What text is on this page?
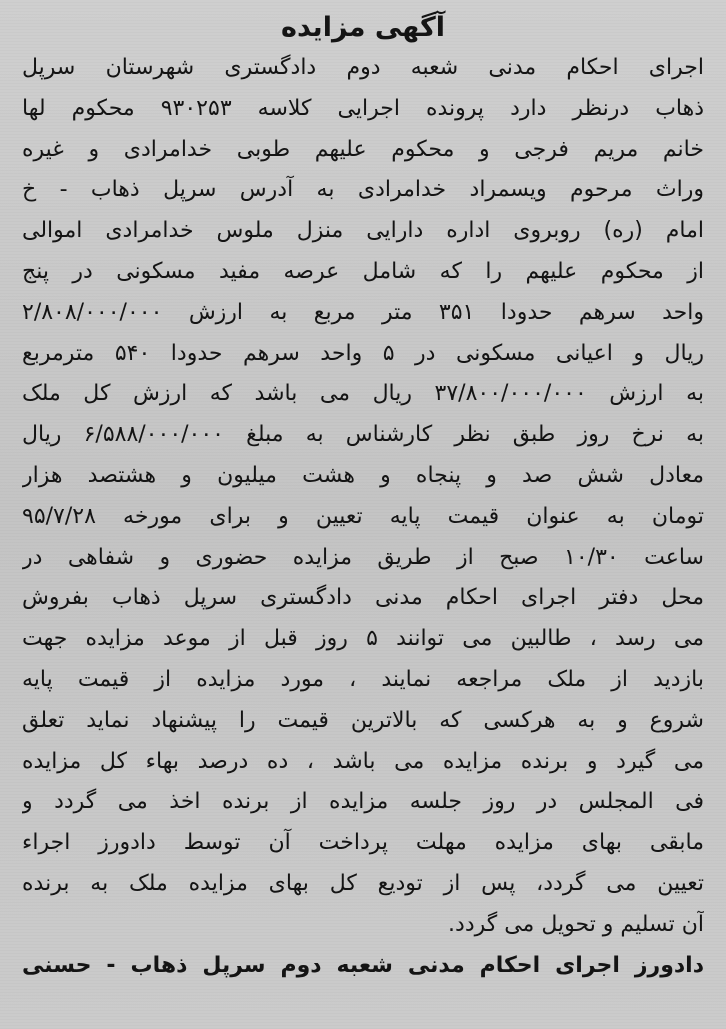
آگهی مزایده
اجرای احکام مدنی شعبه دوم دادگستری شهرستان سرپل
ذهاب درنظر دارد پرونده اجرایی کلاسه ۹۳۰۲۵۳ محکوم لها
خانم مریم فرجی و محکوم علیهم طوبی خدامرادی و غیره
وراث مرحوم ویسمراد خدامرادی به آدرس سرپل ذهاب - خ
امام (ره) روبروی اداره دارایی منزل ملوس خدامرادی اموالی
از محکوم علیهم را که شامل عرصه مفید مسکونی در پنج
واحد سرهم حدودا ۳۵۱ متر مربع به ارزش ۲/۸۰۸/۰۰۰/۰۰۰
ریال و اعیانی مسکونی در ۵ واحد سرهم حدودا ۵۴۰ مترمربع
به ارزش ۳۷/۸۰۰/۰۰۰/۰۰۰ ریال می باشد که ارزش کل ملک
به نرخ روز طبق نظر کارشناس به مبلغ ۶/۵۸۸/۰۰۰/۰۰۰ ریال
معادل شش صد و پنجاه و هشت میلیون و هشتصد هزار
تومان به عنوان قیمت پایه تعیین و برای مورخه ۹۵/۷/۲۸
ساعت ۱۰/۳۰ صبح از طریق مزایده حضوری و شفاهی در
محل دفتر اجرای احکام مدنی دادگستری سرپل ذهاب بفروش
می رسد ، طالبین می توانند ۵ روز قبل از موعد مزایده جهت
بازدید از ملک مراجعه نمایند ، مورد مزایده از قیمت پایه
شروع و به هرکسی که بالاترین قیمت را پیشنهاد نماید تعلق
می گیرد و برنده مزایده می باشد ، ده درصد بهاء کل مزایده
فی المجلس در روز جلسه مزایده از برنده اخذ می گردد و
مابقی بهای مزایده مهلت پرداخت آن توسط دادورز اجراء
تعیین می گردد، پس از تودیع کل بهای مزایده ملک به برنده
آن تسلیم و تحویل می گردد.
دادورز اجرای احکام مدنی شعبه دوم سرپل ذهاب - حسنی
